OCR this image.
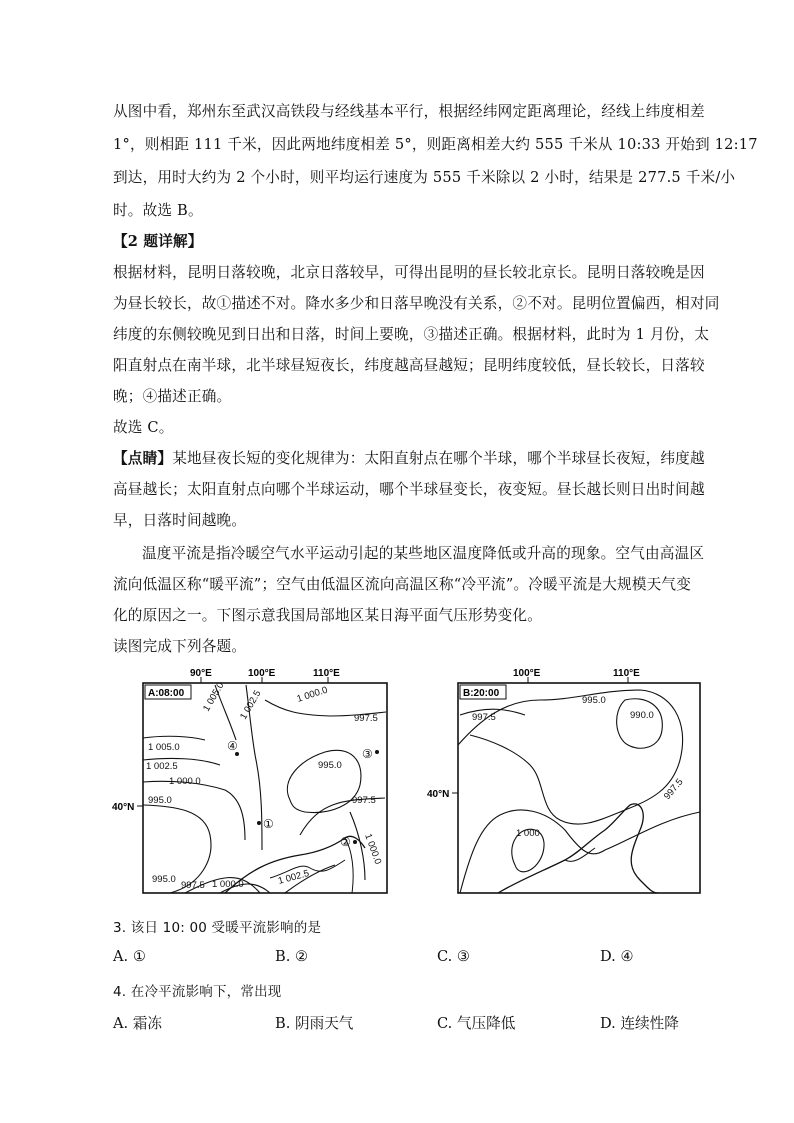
从图中看，郑州东至武汉高铁段与经线基本平行，根据经纬网定距离理论，经线上纬度相差
1°，则相距 111 千米，因此两地纬度相差 5°，则距离相差大约 555 千米从 10:33 开始到 12:17
到达，用时大约为 2 个小时，则平均运行速度为 555 千米除以 2 小时，结果是 277.5 千米/小
时。故选 B。
【2 题详解】
根据材料，昆明日落较晚，北京日落较早，可得出昆明的昼长较北京长。昆明日落较晚是因
为昼长较长，故①描述不对。降水多少和日落早晚没有关系，②不对。昆明位置偏西，相对同
纬度的东侧较晚见到日出和日落，时间上要晚，③描述正确。根据材料，此时为 1 月份，太
阳直射点在南半球，北半球昼短夜长，纬度越高昼越短；昆明纬度较低，昼长较长，日落较
晚；④描述正确。
故选 C。
【点睛】某地昼夜长短的变化规律为：太阳直射点在哪个半球，哪个半球昼长夜短，纬度越
高昼越长；太阳直射点向哪个半球运动，哪个半球昼变长，夜变短。昼长越长则日出时间越
早，日落时间越晚。
温度平流是指冷暖空气水平运动引起的某些地区温度降低或升高的现象。空气由高温区
流向低温区称“暖平流”；空气由低温区流向高温区称“冷平流”。冷暖平流是大规模天气变
化的原因之一。下图示意我国局部地区某日海平面气压形势变化。
读图完成下列各题。
A:08:00
90°E	100°E	110°E
40°N
1 005.0 1 002.5	1 000.0
997.5
1 005.0
1 002.5
1 000.0
995.0
995.0
997.5
995.0
997.5 1 000.0	1 002.5
1 000.0
①
②
③
④
B:20:00
100°E	110°E
40°N
995.0
997.5	990.0
997.5
1 000
3. 该日 10: 00 受暖平流影响的是
A. ①	B. ②	C. ③	D. ④
4. 在冷平流影响下，常出现
A. 霜冻	B. 阴雨天气	C. 气压降低	D. 连续性降
